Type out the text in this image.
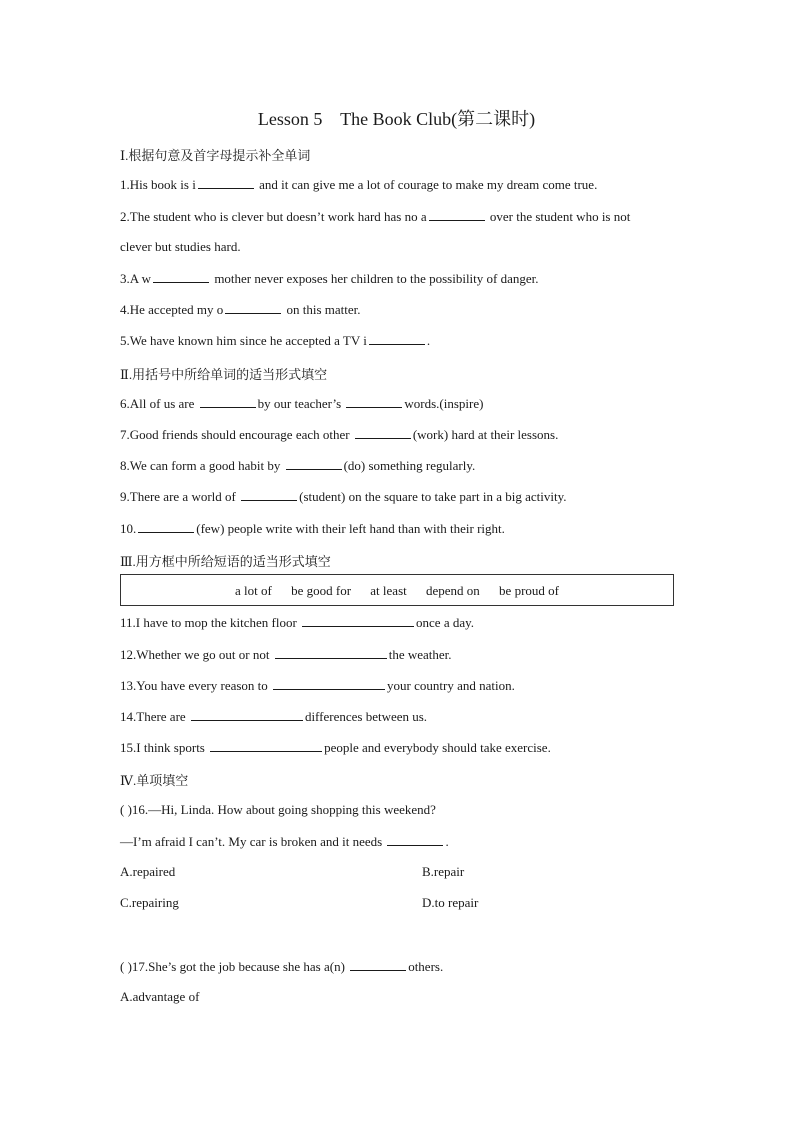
Lesson 5    The Book Club(第二课时)
Ⅰ.根据句意及首字母提示补全单词
1.His book is i	and it can give me a lot of courage to make my dream come true.
2.The student who is clever but doesn’t work hard has no a	over the student who is not
clever but studies hard.
3.A w	mother never exposes her children to the possibility of danger.
4.He accepted my o	on this matter.
5.We have known him since he accepted a TV i	.
Ⅱ.用括号中所给单词的适当形式填空
6.All of us are	by our teacher’s	words.(inspire)
7.Good friends should encourage each other	(work) hard at their lessons.
8.We can form a good habit by	(do) something regularly.
9.There are a world of	(student) on the square to take part in a big activity.
10.	(few) people write with their left hand than with their right.
Ⅲ.用方框中所给短语的适当形式填空
a lot of be good for at least depend on be proud of
11.I have to mop the kitchen floor	once a day.
12.Whether we go out or not	the weather.
13.You have every reason to	your country and nation.
14.There are	differences between us.
15.I think sports	people and everybody should take exercise.
Ⅳ.单项填空
( )16.—Hi, Linda. How about going shopping this weekend?
—I’m afraid I can’t. My car is broken and it needs	.
A.repaired	B.repair
C.repairing	D.to repair
( )17.She’s got the job because she has a(n)	others.
A.advantage of
